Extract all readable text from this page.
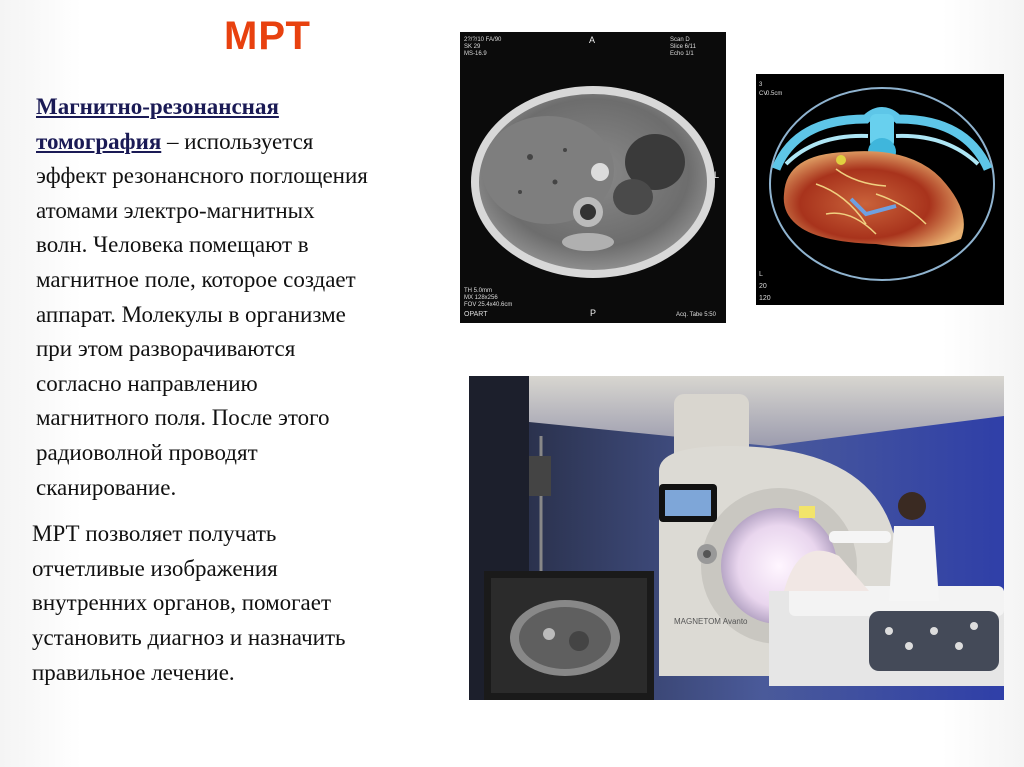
МРТ

Магнитно-резонансная
томография – используется
эффект резонансного поглощения
атомами электро-магнитных
волн. Человека помещают в
магнитное поле, которое создает
аппарат. Молекулы в организме
при этом разворачиваются
согласно направлению
магнитного поля. После этого
радиоволной проводят
сканирование.

МРТ позволяет получать
отчетливые изображения
внутренних органов, помогает
установить диагноз и назначить
правильное лечение.

2?/?/10 FA/90
SK 29
MS-16.9
A	Scan D
Slice 6/11
Echo 1/1
L
TH 5.0mm
MX 128x256
FOV 25.4x40.6cm
OPART	P	Acq. Tabe 5:50
3
CV
0.5cm
L
20
120
MAGNETOM Avanto
